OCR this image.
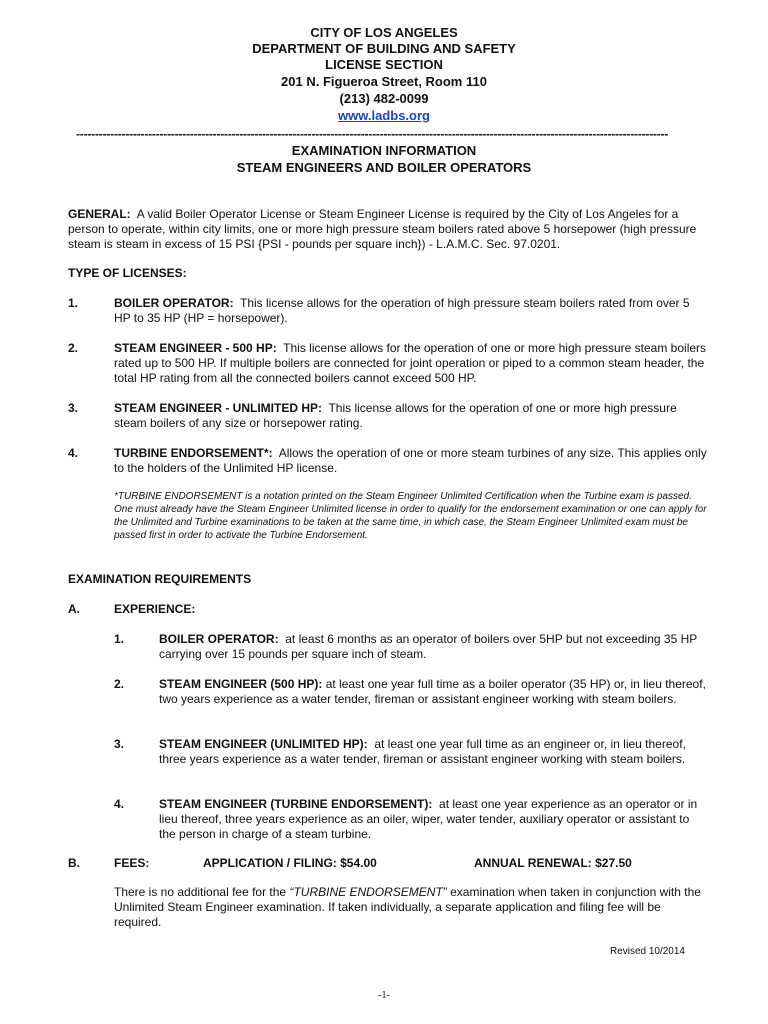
CITY OF LOS ANGELES
DEPARTMENT OF BUILDING AND SAFETY
LICENSE SECTION
201 N. Figueroa Street, Room 110
(213) 482-0099
www.ladbs.org
------------------------------------------------------------------------------------------------------------------------------------------------------------
EXAMINATION INFORMATION
STEAM ENGINEERS AND BOILER OPERATORS
GENERAL: A valid Boiler Operator License or Steam Engineer License is required by the City of Los Angeles for a person to operate, within city limits, one or more high pressure steam boilers rated above 5 horsepower (high pressure steam is steam in excess of 15 PSI {PSI - pounds per square inch}) - L.A.M.C. Sec. 97.0201.
TYPE OF LICENSES:
1.	BOILER OPERATOR: This license allows for the operation of high pressure steam boilers rated from over 5 HP to 35 HP (HP = horsepower).
2.	STEAM ENGINEER - 500 HP: This license allows for the operation of one or more high pressure steam boilers rated up to 500 HP. If multiple boilers are connected for joint operation or piped to a common steam header, the total HP rating from all the connected boilers cannot exceed 500 HP.
3.	STEAM ENGINEER - UNLIMITED HP: This license allows for the operation of one or more high pressure steam boilers of any size or horsepower rating.
4.	TURBINE ENDORSEMENT*: Allows the operation of one or more steam turbines of any size. This applies only to the holders of the Unlimited HP license.
*TURBINE ENDORSEMENT is a notation printed on the Steam Engineer Unlimited Certification when the Turbine exam is passed. One must already have the Steam Engineer Unlimited license in order to qualify for the endorsement examination or one can apply for the Unlimited and Turbine examinations to be taken at the same time, in which case, the Steam Engineer Unlimited exam must be passed first in order to activate the Turbine Endorsement.
EXAMINATION REQUIREMENTS
A.	EXPERIENCE:
1.	BOILER OPERATOR: at least 6 months as an operator of boilers over 5HP but not exceeding 35 HP carrying over 15 pounds per square inch of steam.
2.	STEAM ENGINEER (500 HP): at least one year full time as a boiler operator (35 HP) or, in lieu thereof, two years experience as a water tender, fireman or assistant engineer working with steam boilers.
3.	STEAM ENGINEER (UNLIMITED HP): at least one year full time as an engineer or, in lieu thereof, three years experience as a water tender, fireman or assistant engineer working with steam boilers.
4.	STEAM ENGINEER (TURBINE ENDORSEMENT): at least one year experience as an operator or in lieu thereof, three years experience as an oiler, wiper, water tender, auxiliary operator or assistant to the person in charge of a steam turbine.
B.	FEES:	APPLICATION / FILING: $54.00	ANNUAL RENEWAL: $27.50
There is no additional fee for the “TURBINE ENDORSEMENT” examination when taken in conjunction with the Unlimited Steam Engineer examination. If taken individually, a separate application and filing fee will be required.
Revised 10/2014
-1-
